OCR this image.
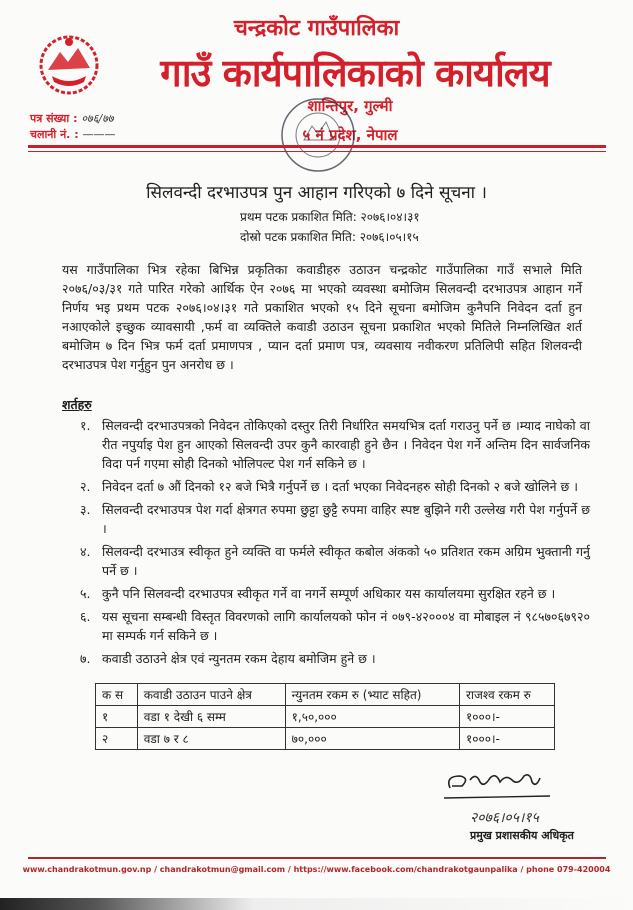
चन्द्रकोट गाउँपालिका
गाउँ कार्यपालिकाको कार्यालय
शान्तिपुर, गुल्मी
५ नं प्रदेश, नेपाल
पत्र संख्या : ०७६/७७
चलानी नं. : ———
सिलवन्दी दरभाउपत्र पुन आहान गरिएको ७ दिने सूचना ।
प्रथम पटक प्रकाशित मिति: २०७६।०४।३१
दोस्रो पटक प्रकाशित मिति: २०७६।०५।१५
यस गाउँपालिका भित्र रहेका बिभिन्न प्रकृतिका कवाडीहरु उठाउन चन्द्रकोट गाउँपालिका गाउँ सभाले मिति २०७६/०३/३१ गते पारित गरेको आर्थिक ऐन २०७६ मा भएको व्यवस्था बमोजिम सिलवन्दी दरभाउपत्र आहान गर्ने निर्णय भइ प्रथम पटक २०७६।०४।३१ गते प्रकाशित भएको १५ दिने सूचना बमोजिम कुनैपनि निवेदन दर्ता हुन नआएकोले इच्छुक व्यावसायी ,फर्म वा व्यक्तिले कवाडी उठाउन सूचना प्रकाशित भएको मितिले निम्नलिखित शर्त बमोजिम ७ दिन भित्र फर्म दर्ता प्रमाणपत्र , प्यान दर्ता प्रमाण पत्र, व्यवसाय नवीकरण प्रतिलिपी सहित शिलवन्दी दरभाउपत्र पेश गर्नुहुन पुन अनरोध छ ।
शर्तहरु
१. सिलवन्दी दरभाउपत्रको निवेदन तोकिएको दस्तुर तिरी निर्धारित समयभित्र दर्ता गराउनु पर्ने छ ।म्याद नाघेको वा रीत नपुर्याइ पेश हुन आएको सिलवन्दी उपर कुनै कारवाही हुने छैन । निवेदन पेश गर्ने अन्तिम दिन सार्वजनिक विदा पर्न गएमा सोही दिनको भोलिपल्ट पेश गर्न सकिने छ ।
२. निवेदन दर्ता ७ औं दिनको १२ बजे भित्रै गर्नुपर्ने छ । दर्ता भएका निवेदनहरु सोही दिनको २ बजे खोलिने छ ।
३. सिलवन्दी दरभाउपत्र पेश गर्दा क्षेत्रगत रुपमा छुट्टा छुट्टै रुपमा वाहिर स्पष्ट बुझिने गरी उल्लेख गरी पेश गर्नुपर्ने छ ।
४. सिलवन्दी दरभाउत्र स्वीकृत हुने व्यक्ति वा फर्मले स्वीकृत कबोल अंकको ५० प्रतिशत रकम अग्रिम भुक्तानी गर्नु पर्ने छ ।
५. कुनै पनि सिलवन्दी दरभाउपत्र स्वीकृत गर्ने वा नगर्ने सम्पूर्ण अधिकार यस कार्यालयमा सुरक्षित रहने छ ।
६. यस सूचना सम्बन्धी विस्तृत विवरणको लागि कार्यालयको फोन नं ०७९-४२०००४ वा मोबाइल नं ९८५७०६७९२० मा सम्पर्क गर्न सकिने छ ।
७. कवाडी उठाउने क्षेत्र एवं न्युनतम रकम देहाय बमोजिम हुने छ ।
क स	कवाडी उठाउन पाउने क्षेत्र	न्युनतम रकम रु (भ्याट सहित)	राजश्व रकम रु
१	वडा १ देखी ६ सम्म	१,५०,०००	१०००।-
२	वडा ७ र ८	७०,०००	१०००।-
२०७६।०५।१५
प्रमुख प्रशासकीय अधिकृत
www.chandrakotmun.gov.np / chandrakotmun@gmail.com / https://www.facebook.com/chandrakotgaunpalika / phone 079-420004
